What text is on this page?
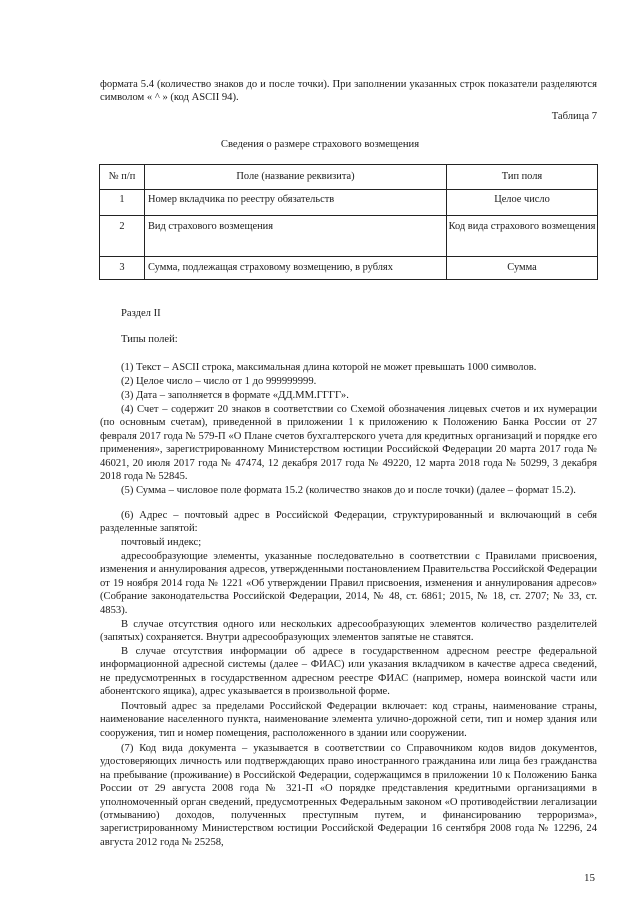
формата 5.4 (количество знаков до и после точки). При заполнении указанных строк показатели разделяются символом « ^ » (код ASCII 94).

Таблица 7
Сведения о размере страхового возмещения
№ п/п	Поле (название реквизита)	Тип поля
1	Номер вкладчика по реестру обязательств	Целое число
2	Вид страхового возмещения	Код вида страхового возмещения
3	Сумма, подлежащая страховому возмещению, в рублях	Сумма

Раздел II

Типы полей:

(1) Текст – ASCII строка, максимальная длина которой не может превышать 1000 символов.

(2) Целое число – число от 1 до 999999999.

(3) Дата – заполняется в формате «ДД.ММ.ГГГГ».

(4) Счет – содержит 20 знаков в соответствии со Схемой обозначения лицевых счетов и их нумерации (по основным счетам), приведенной в приложении 1 к приложению к Положению Банка России от 27 февраля 2017 года № 579-П «О Плане счетов бухгалтерского учета для кредитных организаций и порядке его применения», зарегистрированному Министерством юстиции Российской Федерации 20 марта 2017 года № 46021, 20 июля 2017 года № 47474, 12 декабря 2017 года № 49220, 12 марта 2018 года № 50299, 3 декабря 2018 года № 52845.

(5) Сумма – числовое поле формата 15.2 (количество знаков до и после точки) (далее – формат 15.2).

(6) Адрес – почтовый адрес в Российской Федерации, структурированный и включающий в себя разделенные запятой:

почтовый индекс;

адресообразующие элементы, указанные последовательно в соответствии с Правилами присвоения, изменения и аннулирования адресов, утвержденными постановлением Правительства Российской Федерации от 19 ноября 2014 года № 1221 «Об утверждении Правил присвоения, изменения и аннулирования адресов» (Собрание законодательства Российской Федерации, 2014, № 48, ст. 6861; 2015, № 18, ст. 2707; № 33, ст. 4853).

В случае отсутствия одного или нескольких адресообразующих элементов количество разделителей (запятых) сохраняется. Внутри адресообразующих элементов запятые не ставятся.

В случае отсутствия информации об адресе в государственном адресном реестре федеральной информационной адресной системы (далее – ФИАС) или указания вкладчиком в качестве адреса сведений, не предусмотренных в государственном адресном реестре ФИАС (например, номера воинской части или абонентского ящика), адрес указывается в произвольной форме.

Почтовый адрес за пределами Российской Федерации включает: код страны, наименование страны, наименование населенного пункта, наименование элемента улично-дорожной сети, тип и номер здания или сооружения, тип и номер помещения, расположенного в здании или сооружении.

(7) Код вида документа – указывается в соответствии со Справочником кодов видов документов, удостоверяющих личность или подтверждающих право иностранного гражданина или лица без гражданства на пребывание (проживание) в Российской Федерации, содержащимся в приложении 10 к Положению Банка России от 29 августа 2008 года № 321-П «О порядке представления кредитными организациями в уполномоченный орган сведений, предусмотренных Федеральным законом «О противодействии легализации (отмыванию) доходов, полученных преступным путем, и финансированию терроризма», зарегистрированному Министерством юстиции Российской Федерации 16 сентября 2008 года № 12296, 24 августа 2012 года № 25258,

15
